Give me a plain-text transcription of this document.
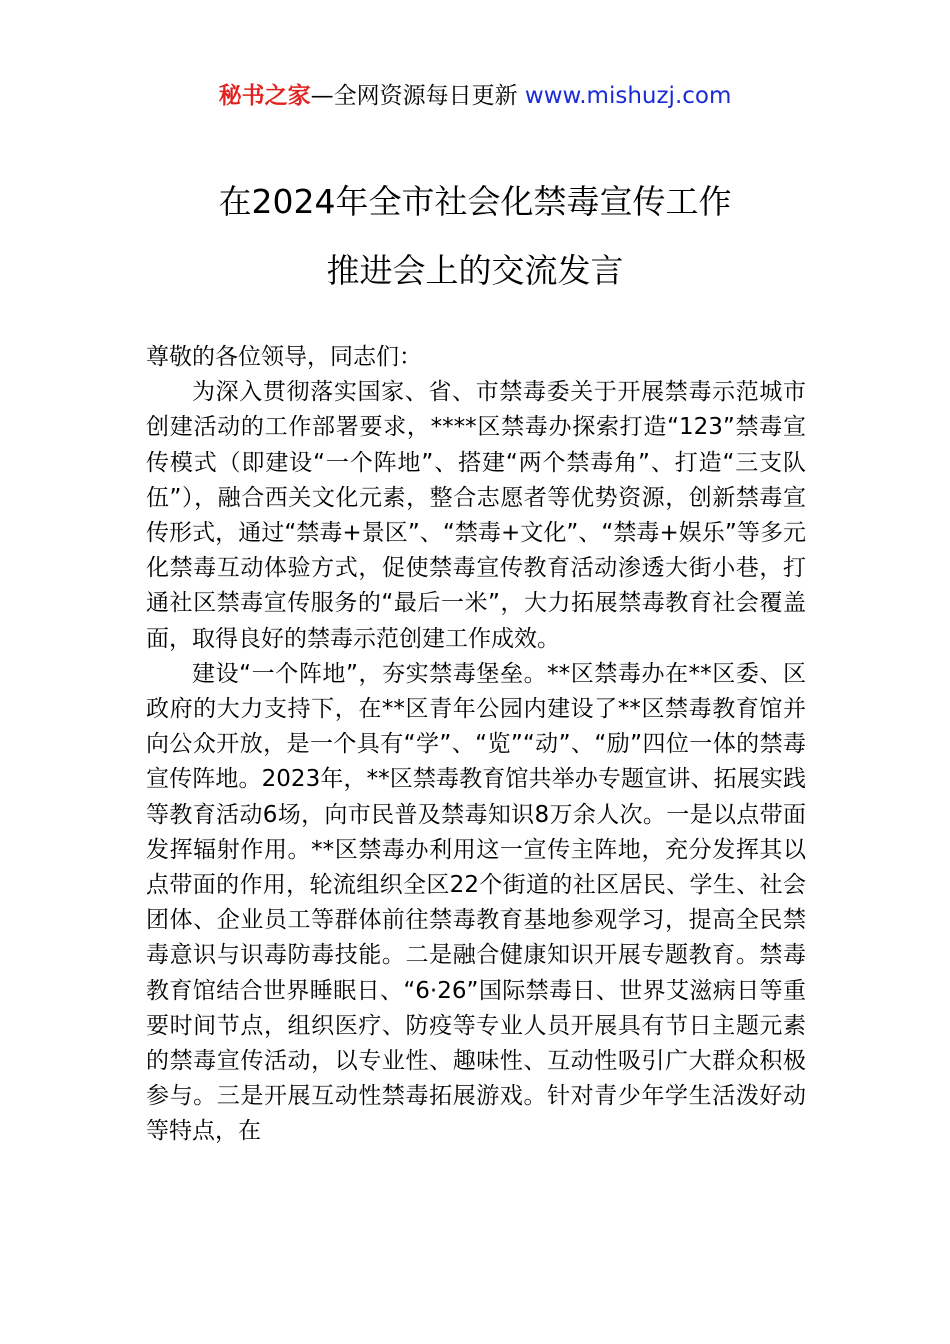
秘书之家—全网资源每日更新 www.mishuzj.com
在2024年全市社会化禁毒宣传工作
推进会上的交流发言

尊敬的各位领导，同志们：

为深入贯彻落实国家、省、市禁毒委关于开展禁毒示范城市创建活动的工作部署要求，****区禁毒办探索打造“123”禁毒宣传模式（即建设“一个阵地”、搭建“两个禁毒角”、打造“三支队伍”），融合西关文化元素，整合志愿者等优势资源，创新禁毒宣传形式，通过“禁毒+景区”、“禁毒+文化”、“禁毒+娱乐”等多元化禁毒互动体验方式，促使禁毒宣传教育活动渗透大街小巷，打通社区禁毒宣传服务的“最后一米”，大力拓展禁毒教育社会覆盖面，取得良好的禁毒示范创建工作成效。

建设“一个阵地”，夯实禁毒堡垒。**区禁毒办在**区委、区政府的大力支持下，在**区青年公园内建设了**区禁毒教育馆并向公众开放，是一个具有“学”、“览”“动”、“励”四位一体的禁毒宣传阵地。2023年，**区禁毒教育馆共举办专题宣讲、拓展实践等教育活动6场，向市民普及禁毒知识8万余人次。一是以点带面发挥辐射作用。**区禁毒办利用这一宣传主阵地，充分发挥其以点带面的作用，轮流组织全区22个街道的社区居民、学生、社会团体、企业员工等群体前往禁毒教育基地参观学习，提高全民禁毒意识与识毒防毒技能。二是融合健康知识开展专题教育。禁毒教育馆结合世界睡眠日、“6·26”国际禁毒日、世界艾滋病日等重要时间节点，组织医疗、防疫等专业人员开展具有节日主题元素的禁毒宣传活动，以专业性、趣味性、互动性吸引广大群众积极参与。三是开展互动性禁毒拓展游戏。针对青少年学生活泼好动等特点，在
